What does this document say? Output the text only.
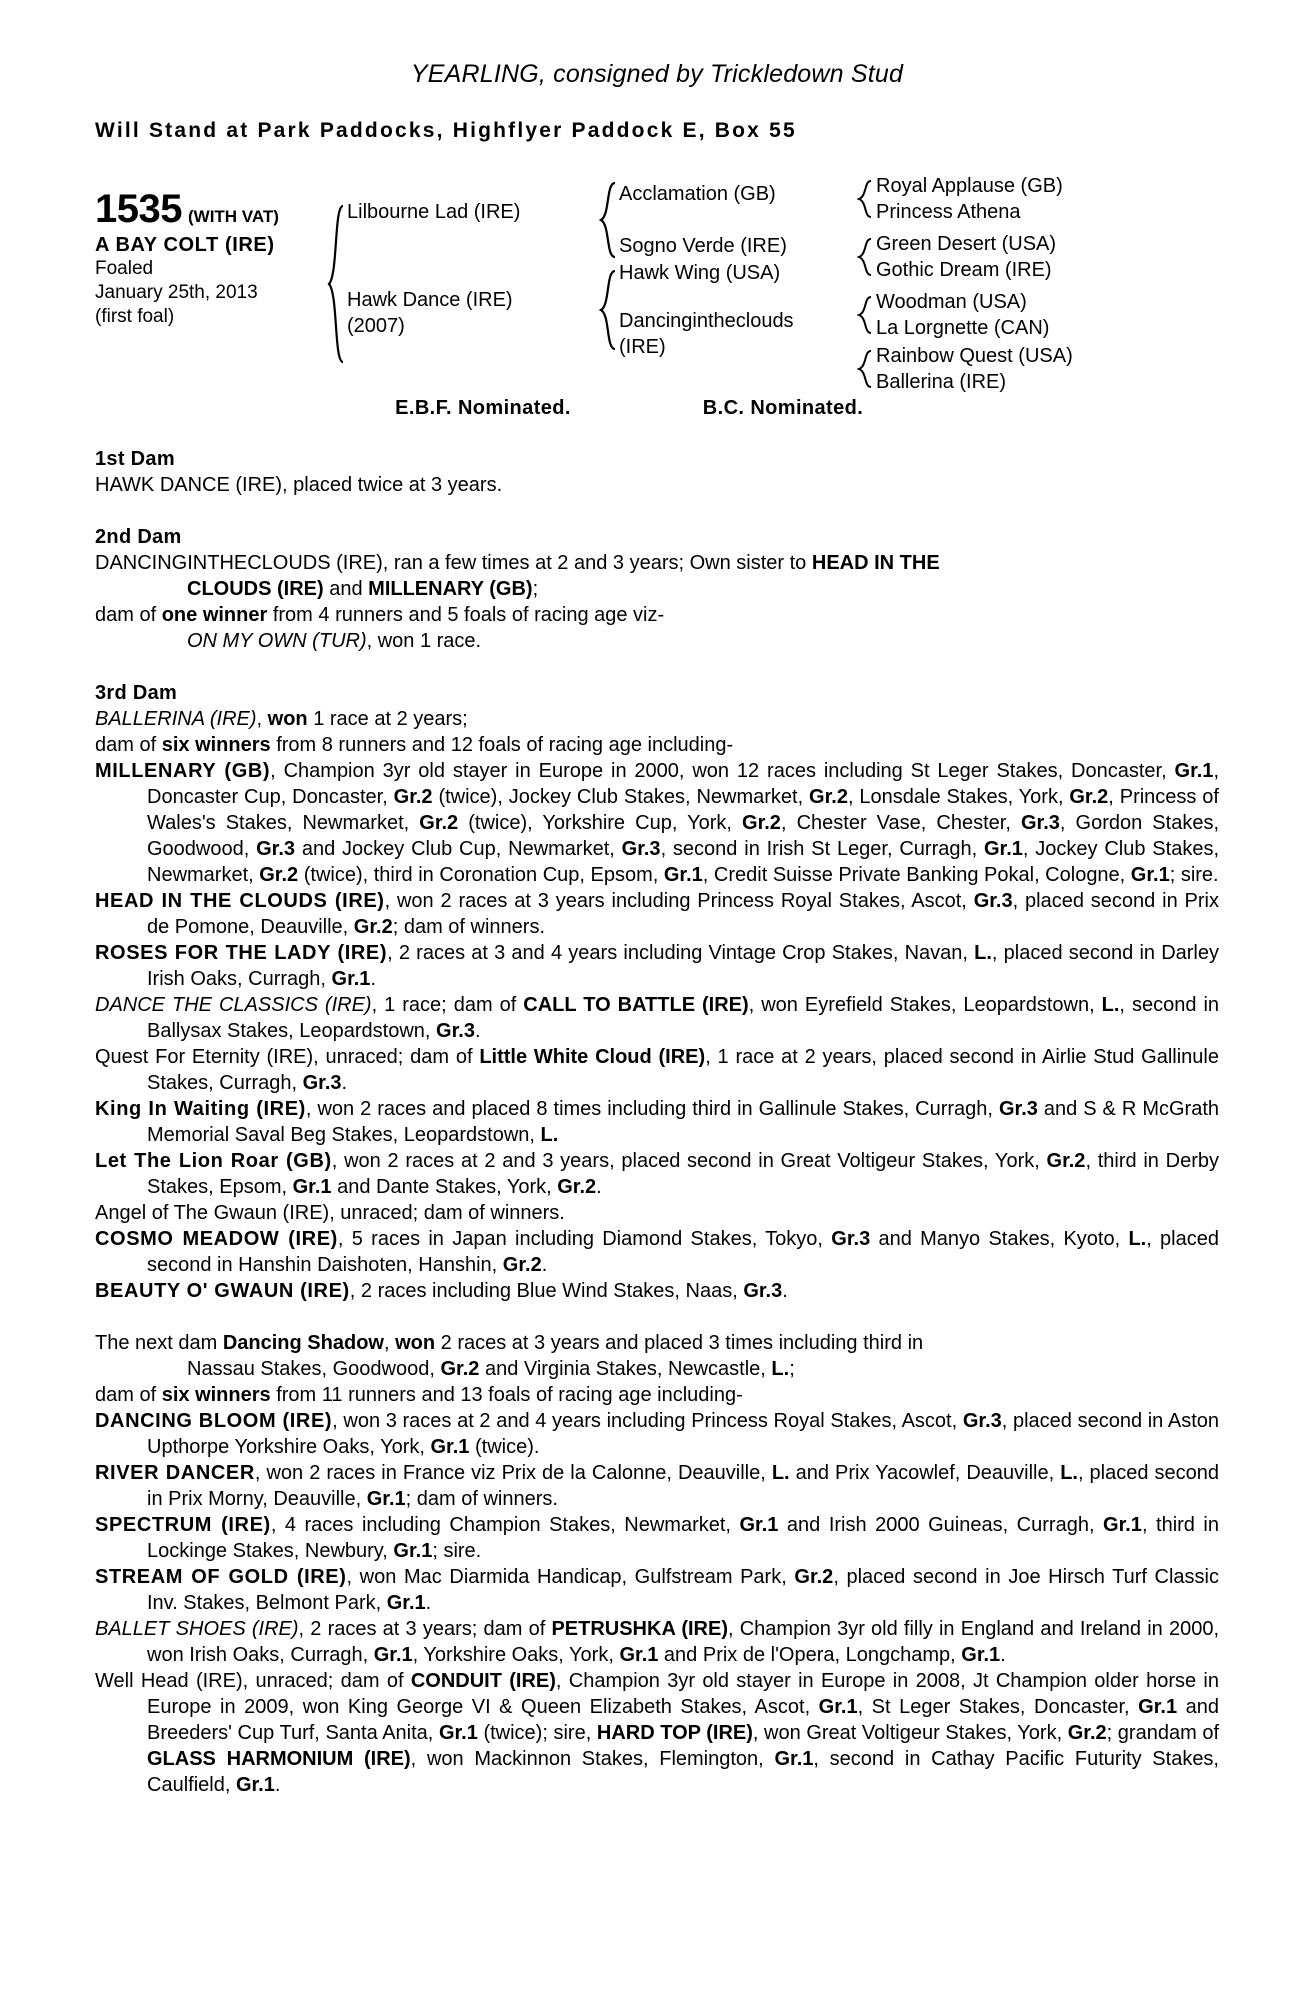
YEARLING, consigned by Trickledown Stud
Will Stand at Park Paddocks, Highflyer Paddock E, Box 55
1535 (WITH VAT)
A BAY COLT (IRE)
Foaled
January 25th, 2013
(first foal)
Lilbourne Lad (IRE)
Hawk Dance (IRE)
(2007)
Acclamation (GB)
Sogno Verde (IRE)
Hawk Wing (USA)
Dancingintheclouds
(IRE)
Royal Applause (GB)
Princess Athena
Green Desert (USA)
Gothic Dream (IRE)
Woodman (USA)
La Lorgnette (CAN)
Rainbow Quest (USA)
Ballerina (IRE)
E.B.F. Nominated.	B.C. Nominated.
1st Dam

HAWK DANCE (IRE), placed twice at 3 years.

2nd Dam

DANCINGINTHECLOUDS (IRE), ran a few times at 2 and 3 years; Own sister to HEAD IN THE

CLOUDS (IRE) and MILLENARY (GB);

dam of one winner from 4 runners and 5 foals of racing age viz-

ON MY OWN (TUR), won 1 race.

3rd Dam

BALLERINA (IRE), won 1 race at 2 years;

dam of six winners from 8 runners and 12 foals of racing age including-

MILLENARY (GB), Champion 3yr old stayer in Europe in 2000, won 12 races including St Leger Stakes, Doncaster, Gr.1, Doncaster Cup, Doncaster, Gr.2 (twice), Jockey Club Stakes, Newmarket, Gr.2, Lonsdale Stakes, York, Gr.2, Princess of Wales's Stakes, Newmarket, Gr.2 (twice), Yorkshire Cup, York, Gr.2, Chester Vase, Chester, Gr.3, Gordon Stakes, Goodwood, Gr.3 and Jockey Club Cup, Newmarket, Gr.3, second in Irish St Leger, Curragh, Gr.1, Jockey Club Stakes, Newmarket, Gr.2 (twice), third in Coronation Cup, Epsom, Gr.1, Credit Suisse Private Banking Pokal, Cologne, Gr.1; sire.

HEAD IN THE CLOUDS (IRE), won 2 races at 3 years including Princess Royal Stakes, Ascot, Gr.3, placed second in Prix de Pomone, Deauville, Gr.2; dam of winners.

ROSES FOR THE LADY (IRE), 2 races at 3 and 4 years including Vintage Crop Stakes, Navan, L., placed second in Darley Irish Oaks, Curragh, Gr.1.

DANCE THE CLASSICS (IRE), 1 race; dam of CALL TO BATTLE (IRE), won Eyrefield Stakes, Leopardstown, L., second in Ballysax Stakes, Leopardstown, Gr.3.

Quest For Eternity (IRE), unraced; dam of Little White Cloud (IRE), 1 race at 2 years, placed second in Airlie Stud Gallinule Stakes, Curragh, Gr.3.

King In Waiting (IRE), won 2 races and placed 8 times including third in Gallinule Stakes, Curragh, Gr.3 and S & R McGrath Memorial Saval Beg Stakes, Leopardstown, L.

Let The Lion Roar (GB), won 2 races at 2 and 3 years, placed second in Great Voltigeur Stakes, York, Gr.2, third in Derby Stakes, Epsom, Gr.1 and Dante Stakes, York, Gr.2.

Angel of The Gwaun (IRE), unraced; dam of winners.

COSMO MEADOW (IRE), 5 races in Japan including Diamond Stakes, Tokyo, Gr.3 and Manyo Stakes, Kyoto, L., placed second in Hanshin Daishoten, Hanshin, Gr.2.

BEAUTY O' GWAUN (IRE), 2 races including Blue Wind Stakes, Naas, Gr.3.

The next dam Dancing Shadow, won 2 races at 3 years and placed 3 times including third in

Nassau Stakes, Goodwood, Gr.2 and Virginia Stakes, Newcastle, L.;

dam of six winners from 11 runners and 13 foals of racing age including-

DANCING BLOOM (IRE), won 3 races at 2 and 4 years including Princess Royal Stakes, Ascot, Gr.3, placed second in Aston Upthorpe Yorkshire Oaks, York, Gr.1 (twice).

RIVER DANCER, won 2 races in France viz Prix de la Calonne, Deauville, L. and Prix Yacowlef, Deauville, L., placed second in Prix Morny, Deauville, Gr.1; dam of winners.

SPECTRUM (IRE), 4 races including Champion Stakes, Newmarket, Gr.1 and Irish 2000 Guineas, Curragh, Gr.1, third in Lockinge Stakes, Newbury, Gr.1; sire.

STREAM OF GOLD (IRE), won Mac Diarmida Handicap, Gulfstream Park, Gr.2, placed second in Joe Hirsch Turf Classic Inv. Stakes, Belmont Park, Gr.1.

BALLET SHOES (IRE), 2 races at 3 years; dam of PETRUSHKA (IRE), Champion 3yr old filly in England and Ireland in 2000, won Irish Oaks, Curragh, Gr.1, Yorkshire Oaks, York, Gr.1 and Prix de l'Opera, Longchamp, Gr.1.

Well Head (IRE), unraced; dam of CONDUIT (IRE), Champion 3yr old stayer in Europe in 2008, Jt Champion older horse in Europe in 2009, won King George VI & Queen Elizabeth Stakes, Ascot, Gr.1, St Leger Stakes, Doncaster, Gr.1 and Breeders' Cup Turf, Santa Anita, Gr.1 (twice); sire, HARD TOP (IRE), won Great Voltigeur Stakes, York, Gr.2; grandam of GLASS HARMONIUM (IRE), won Mackinnon Stakes, Flemington, Gr.1, second in Cathay Pacific Futurity Stakes, Caulfield, Gr.1.
